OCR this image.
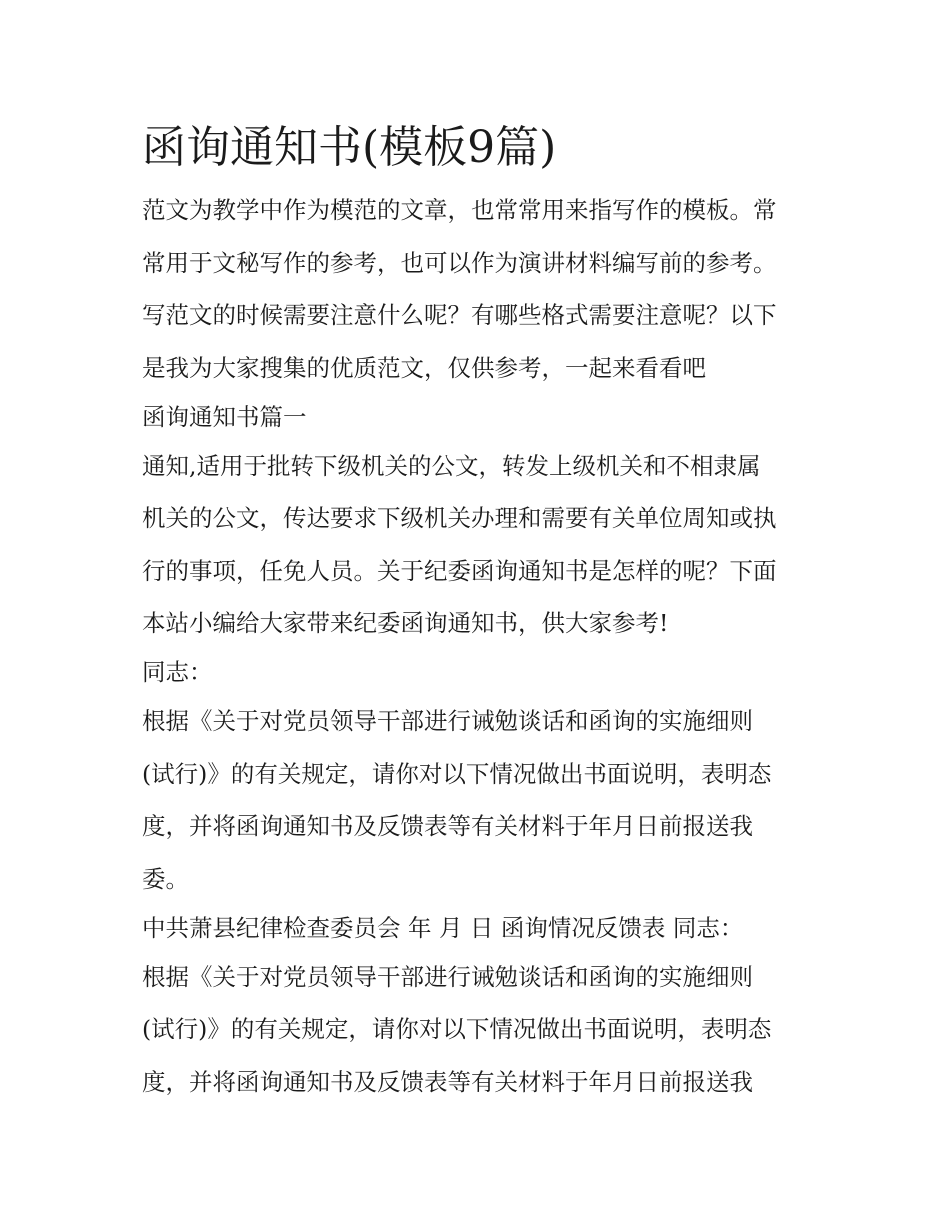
函询通知书(模板9篇)

范文为教学中作为模范的文章，也常常用来指写作的模板。常

常用于文秘写作的参考，也可以作为演讲材料编写前的参考。

写范文的时候需要注意什么呢？有哪些格式需要注意呢？以下

是我为大家搜集的优质范文，仅供参考，一起来看看吧

函询通知书篇一

通知,适用于批转下级机关的公文，转发上级机关和不相隶属

机关的公文，传达要求下级机关办理和需要有关单位周知或执

行的事项，任免人员。关于纪委函询通知书是怎样的呢？下面

本站小编给大家带来纪委函询通知书，供大家参考!

同志：

根据《关于对党员领导干部进行诫勉谈话和函询的实施细则

(试行)》的有关规定，请你对以下情况做出书面说明，表明态

度，并将函询通知书及反馈表等有关材料于年月日前报送我

委。

中共萧县纪律检查委员会 年 月 日 函询情况反馈表 同志：

根据《关于对党员领导干部进行诫勉谈话和函询的实施细则

(试行)》的有关规定，请你对以下情况做出书面说明，表明态

度，并将函询通知书及反馈表等有关材料于年月日前报送我
